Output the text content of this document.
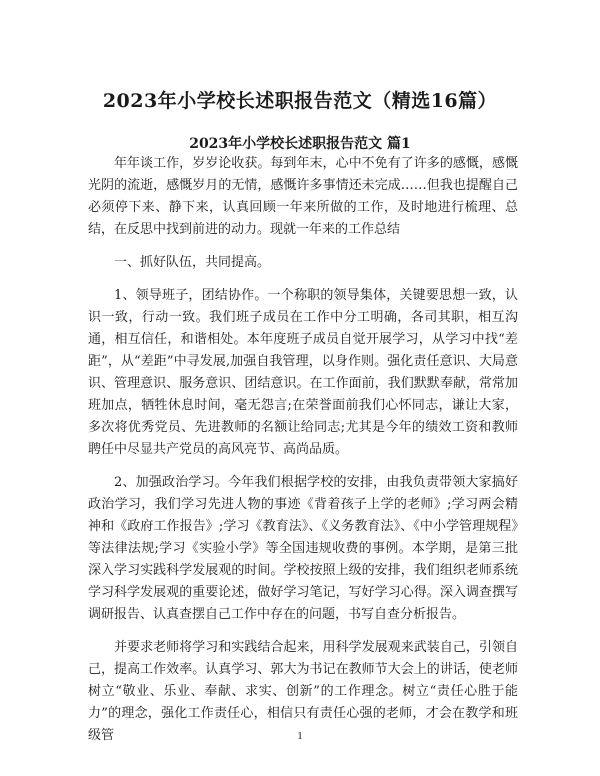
2023年小学校长述职报告范文（精选16篇）
2023年小学校长述职报告范文 篇1

年年谈工作，岁岁论收获。每到年末，心中不免有了许多的感慨，感慨光阴的流逝，感慨岁月的无情，感慨许多事情还未完成……但我也提醒自己必须停下来、静下来，认真回顾一年来所做的工作，及时地进行梳理、总结，在反思中找到前进的动力。现就一年来的工作总结

一、抓好队伍，共同提高。

1、领导班子，团结协作。一个称职的领导集体，关键要思想一致，认识一致，行动一致。我们班子成员在工作中分工明确，各司其职，相互沟通，相互信任，和谐相处。本年度班子成员自觉开展学习，从学习中找“差距”，从“差距”中寻发展,加强自我管理，以身作则。强化责任意识、大局意识、管理意识、服务意识、团结意识。在工作面前，我们默默奉献，常常加班加点，牺牲休息时间，毫无怨言;在荣誉面前我们心怀同志，谦让大家，多次将优秀党员、先进教师的名额让给同志;尤其是今年的绩效工资和教师聘任中尽显共产党员的高风亮节、高尚品质。

2、加强政治学习。今年我们根据学校的安排，由我负责带领大家搞好政治学习，我们学习先进人物的事迹《背着孩子上学的老师》;学习两会精神和《政府工作报告》;学习《教育法》、《义务教育法》、《中小学管理规程》等法律法规;学习《实验小学》等全国违规收费的事例。本学期，是第三批深入学习实践科学发展观的时间。学校按照上级的安排，我们组织老师系统学习科学发展观的重要论述，做好学习笔记，写好学习心得。深入调查撰写调研报告、认真查摆自己工作中存在的问题，书写自查分析报告。

并要求老师将学习和实践结合起来，用科学发展观来武装自己，引领自己，提高工作效率。认真学习、郭大为书记在教师节大会上的讲话，使老师树立“敬业、乐业、奉献、求实、创新”的工作理念。树立“责任心胜于能力”的理念，强化工作责任心，相信只有责任心强的老师，才会在教学和班级管	1
